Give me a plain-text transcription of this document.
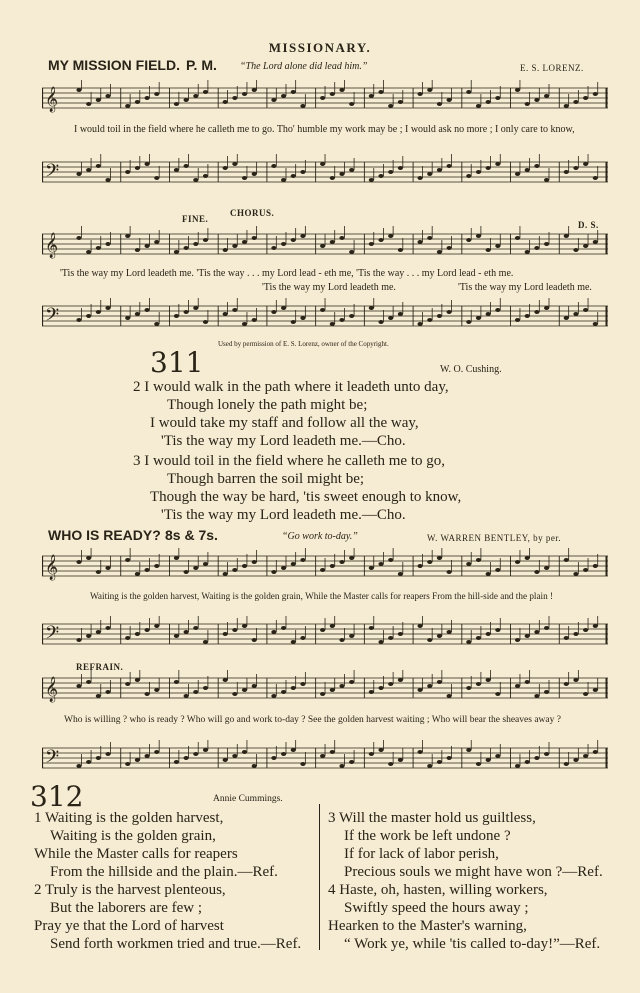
MISSIONARY.
MY MISSION FIELD. P. M. “The Lord alone did lead him.”	E. S. LORENZ.
𝄞
I would toil in the field where he calleth me to go. Tho' humble my work may be ; I would ask no more ; I only care to know,
𝄢
FINE.
CHORUS.
D. S.
𝄞
'Tis the way my Lord leadeth me. 'Tis the way . . . my Lord lead - eth me, 'Tis the way . . . my Lord lead - eth me.
'Tis the way my Lord leadeth me.	'Tis the way my Lord leadeth me.
𝄢
Used by permission of E. S. Lorenz, owner of the Copyright.
311	W. O. Cushing.
2 I would walk in the path where it leadeth unto day,
Though lonely the path might be;
I would take my staff and follow all the way,
'Tis the way my Lord leadeth me.—Cho.
3 I would toil in the field where he calleth me to go,
Though barren the soil might be;
Though the way be hard, 'tis sweet enough to know,
'Tis the way my Lord leadeth me.—Cho.
WHO IS READY? 8s & 7s.	“Go work to-day.”	W. WARREN BENTLEY, by per.
𝄞
Waiting is the golden harvest, Waiting is the golden grain, While the Master calls for reapers From the hill-side and the plain !
𝄢
REFRAIN.
𝄞
Who is willing ? who is ready ? Who will go and work to-day ? See the golden harvest waiting ; Who will bear the sheaves away ?
𝄢
312	Annie Cummings.
1 Waiting is the golden harvest,
Waiting is the golden grain,
While the Master calls for reapers
From the hillside and the plain.—Ref.
2 Truly is the harvest plenteous,
But the laborers are few ;
Pray ye that the Lord of harvest
Send forth workmen tried and true.—Ref.
3 Will the master hold us guiltless,
If the work be left undone ?
If for lack of labor perish,
Precious souls we might have won ?—Ref.
4 Haste, oh, hasten, willing workers,
Swiftly speed the hours away ;
Hearken to the Master's warning,
“ Work ye, while 'tis called to-day!”—Ref.
